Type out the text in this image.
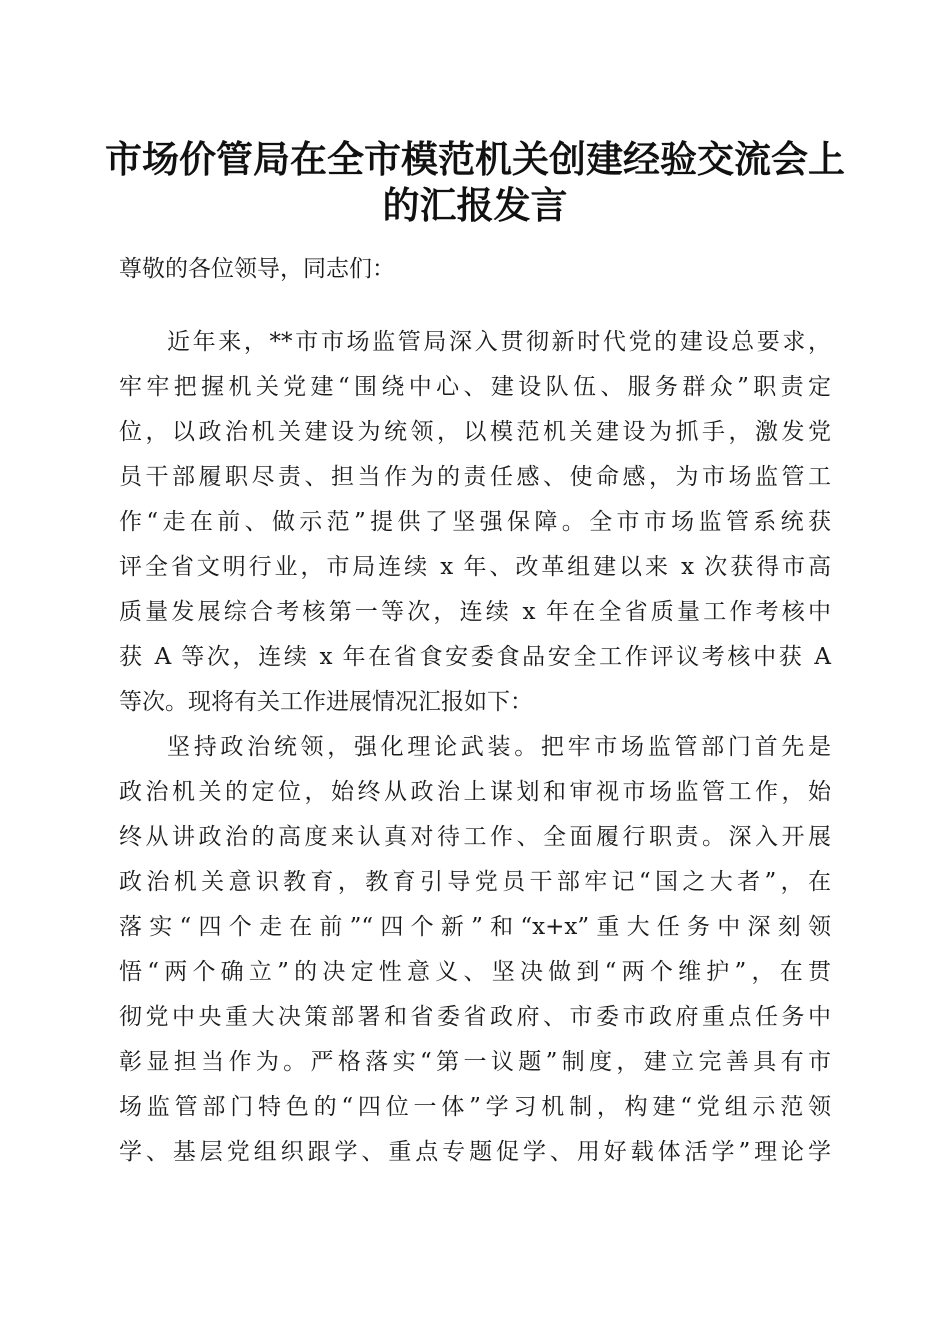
市场价管局在全市模范机关创建经验交流会上
的汇报发言
尊敬的各位领导，同志们：
近年来，**市市场监管局深入贯彻新时代党的建设总要求，
牢牢把握机关党建“围绕中心、建设队伍、服务群众”职责定
位，以政治机关建设为统领，以模范机关建设为抓手，激发党
员干部履职尽责、担当作为的责任感、使命感，为市场监管工
作“走在前、做示范”提供了坚强保障。全市市场监管系统获
评全省文明行业，市局连续 x 年、改革组建以来 x 次获得市高
质量发展综合考核第一等次，连续 x 年在全省质量工作考核中
获 A 等次，连续 x 年在省食安委食品安全工作评议考核中获 A
等次。现将有关工作进展情况汇报如下：
坚持政治统领，强化理论武装。把牢市场监管部门首先是
政治机关的定位，始终从政治上谋划和审视市场监管工作，始
终从讲政治的高度来认真对待工作、全面履行职责。深入开展
政治机关意识教育，教育引导党员干部牢记“国之大者”，在
落实“四个走在前”“四个新”和“x+x”重大任务中深刻领
悟“两个确立”的决定性意义、坚决做到“两个维护”，在贯
彻党中央重大决策部署和省委省政府、市委市政府重点任务中
彰显担当作为。严格落实“第一议题”制度，建立完善具有市
场监管部门特色的“四位一体”学习机制，构建“党组示范领
学、基层党组织跟学、重点专题促学、用好载体活学”理论学
